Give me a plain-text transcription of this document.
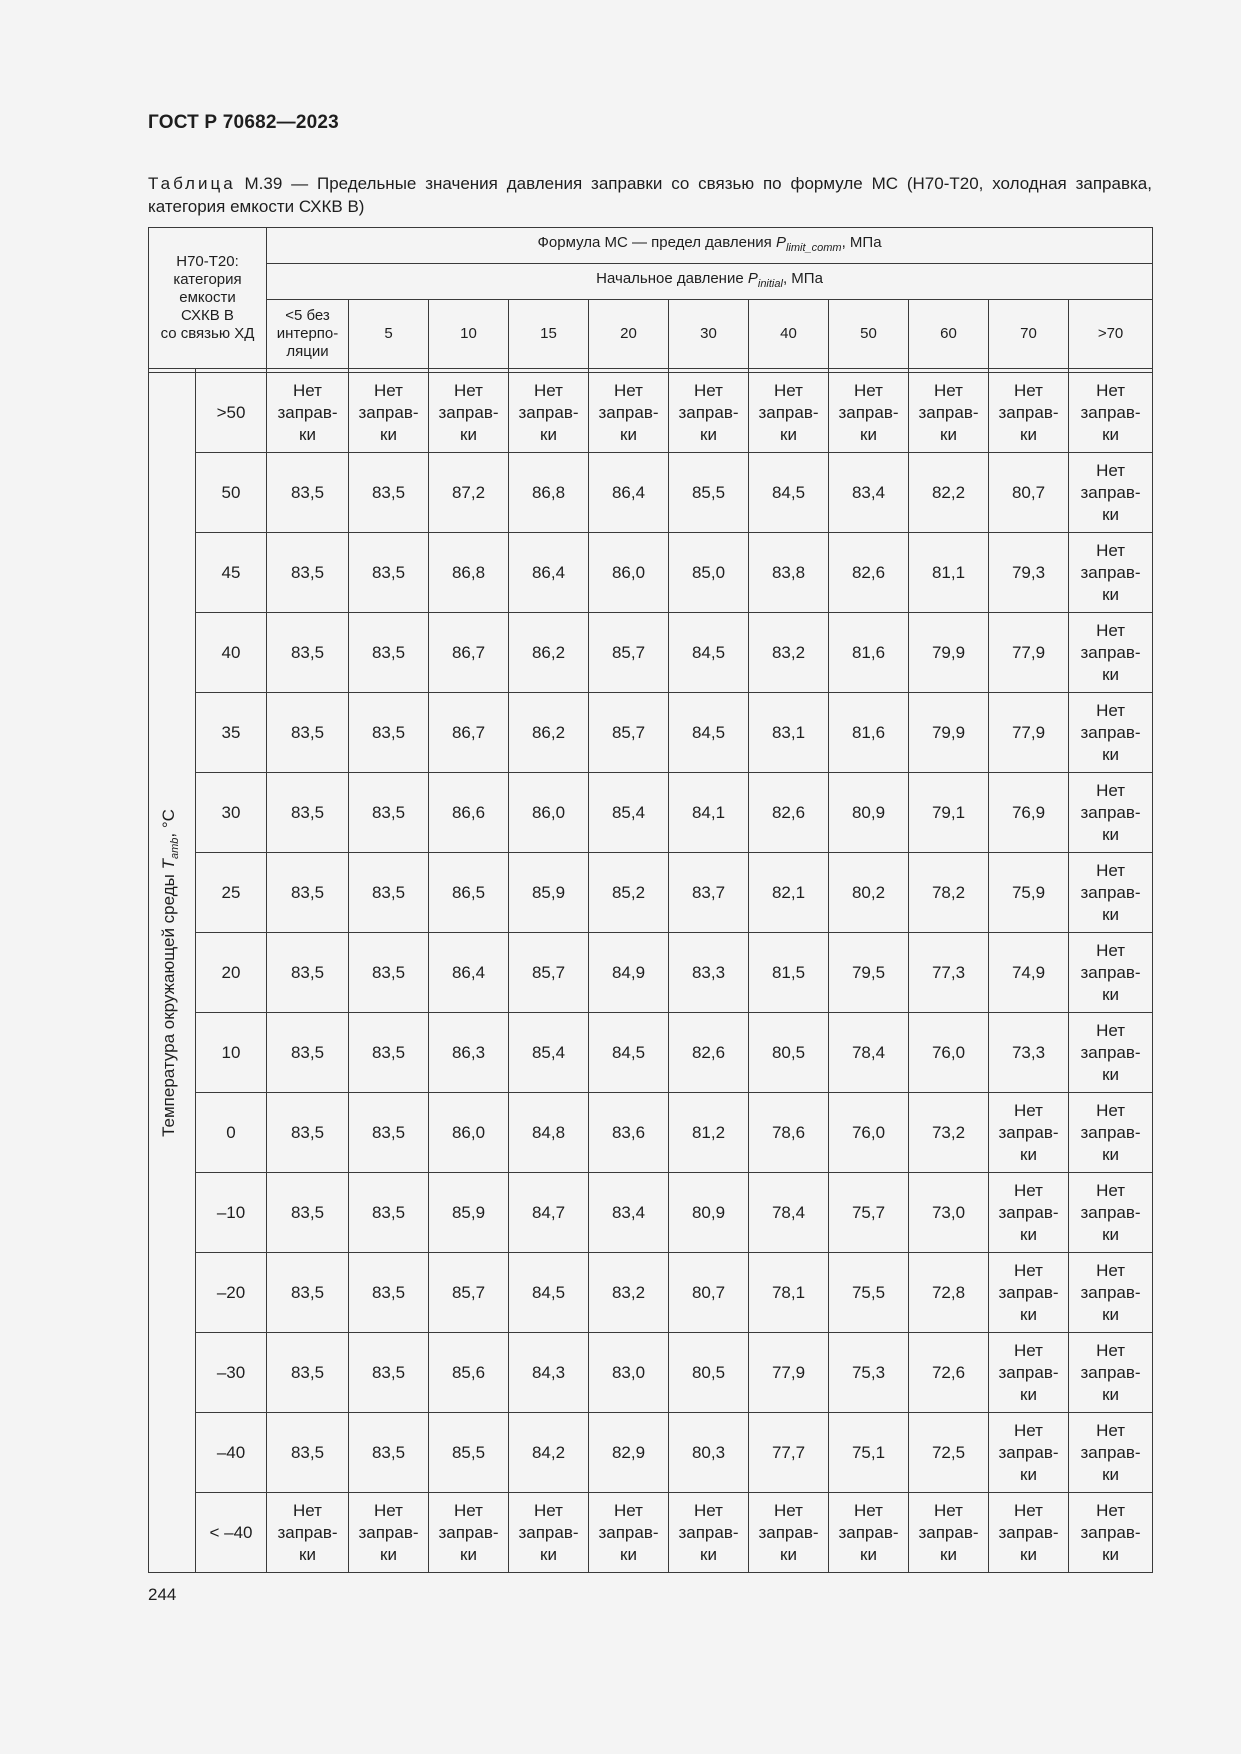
ГОСТ Р 70682—2023
Таблица M.39 — Предельные значения давления заправки со связью по формуле MC (H70-T20, холодная заправка, категория емкости СХКВ B)
H70-T20:
категория
емкости
СХКВ В
со связью ХД		Формула MC — предел давления $P_{limit\_comm}$, МПа										
		Начальное давление $P_{initial}$, МПа										

		<5 без
интерпо-
ляции	5	10	15	20	30	40	50	60	70	>70

Температура окружающей среды $T_{amb}$, °С	>50	Нет
заправ-
ки	Нет
заправ-
ки	Нет
заправ-
ки	Нет
заправ-
ки	Нет
заправ-
ки	Нет
заправ-
ки	Нет
заправ-
ки	Нет
заправ-
ки	Нет
заправ-
ки	Нет
заправ-
ки	Нет
заправ-
ки

	50	83,5	83,5	87,2	86,8	86,4	85,5	84,5	83,4	82,2	80,7	Нет
заправ-
ки

	45	83,5	83,5	86,8	86,4	86,0	85,0	83,8	82,6	81,1	79,3	Нет
заправ-
ки

	40	83,5	83,5	86,7	86,2	85,7	84,5	83,2	81,6	79,9	77,9	Нет
заправ-
ки

	35	83,5	83,5	86,7	86,2	85,7	84,5	83,1	81,6	79,9	77,9	Нет
заправ-
ки

	30	83,5	83,5	86,6	86,0	85,4	84,1	82,6	80,9	79,1	76,9	Нет
заправ-
ки

	25	83,5	83,5	86,5	85,9	85,2	83,7	82,1	80,2	78,2	75,9	Нет
заправ-
ки

	20	83,5	83,5	86,4	85,7	84,9	83,3	81,5	79,5	77,3	74,9	Нет
заправ-
ки

	10	83,5	83,5	86,3	85,4	84,5	82,6	80,5	78,4	76,0	73,3	Нет
заправ-
ки

	0	83,5	83,5	86,0	84,8	83,6	81,2	78,6	76,0	73,2	Нет
заправ-
ки	Нет
заправ-
ки

	–10	83,5	83,5	85,9	84,7	83,4	80,9	78,4	75,7	73,0	Нет
заправ-
ки	Нет
заправ-
ки

	–20	83,5	83,5	85,7	84,5	83,2	80,7	78,1	75,5	72,8	Нет
заправ-
ки	Нет
заправ-
ки

	–30	83,5	83,5	85,6	84,3	83,0	80,5	77,9	75,3	72,6	Нет
заправ-
ки	Нет
заправ-
ки

	–40	83,5	83,5	85,5	84,2	82,9	80,3	77,7	75,1	72,5	Нет
заправ-
ки	Нет
заправ-
ки

	< –40	Нет
заправ-
ки	Нет
заправ-
ки	Нет
заправ-
ки	Нет
заправ-
ки	Нет
заправ-
ки	Нет
заправ-
ки	Нет
заправ-
ки	Нет
заправ-
ки	Нет
заправ-
ки	Нет
заправ-
ки	Нет
заправ-
ки
244
